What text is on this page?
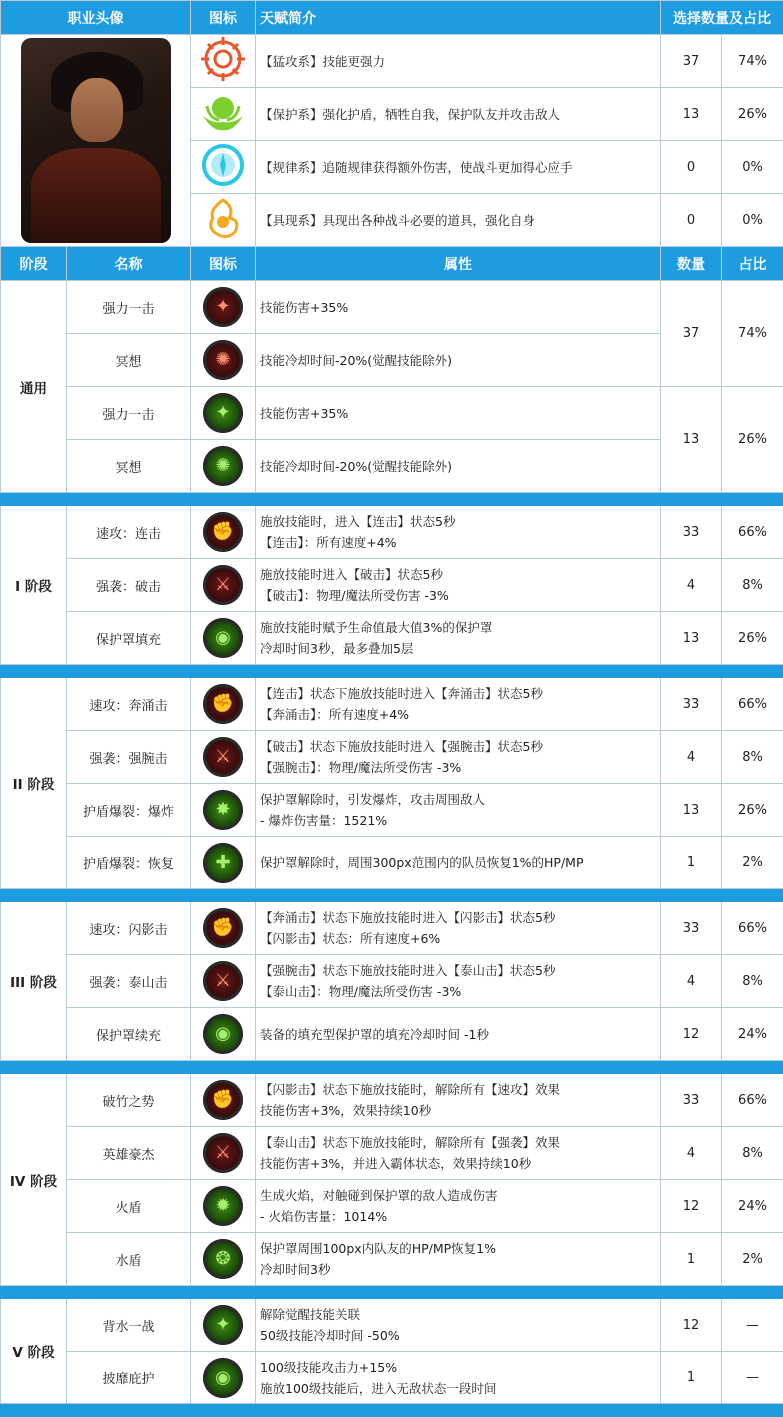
职业头像		图标	天赋简介	选择数量及占比	

		【猛攻系】技能更强力	37	74%
	【保护系】强化护盾，牺牲自我，保护队友并攻击敌人	13	26%
	【规律系】追随规律获得额外伤害，使战斗更加得心应手	0	0%
	【具现系】具现出各种战斗必要的道具，强化自身	0	0%
阶段	名称	图标	属性	数量	占比
通用	强力一击	✦	技能伤害+35%	37	74%
	冥想	✺	技能冷却时间-20%(觉醒技能除外)		

	强力一击	✦	技能伤害+35%	13	26%
	冥想	✺	技能冷却时间-20%(觉醒技能除外)		

I 阶段	速攻：连击	✊	施放技能时，进入【连击】状态5秒
【连击】：所有速度+4%	33	66%
	强袭：破击	⚔	施放技能时进入【破击】状态5秒
【破击】：物理/魔法所受伤害 -3%	4	8%
	保护罩填充	◉	施放技能时赋予生命值最大值3%的保护罩
冷却时间3秒，最多叠加5层	13	26%

II 阶段	速攻：奔涌击	✊	【连击】状态下施放技能时进入【奔涌击】状态5秒
【奔涌击】：所有速度+4%	33	66%
	强袭：强腕击	⚔	【破击】状态下施放技能时进入【强腕击】状态5秒
【强腕击】：物理/魔法所受伤害 -3%	4	8%
	护盾爆裂：爆炸	✸	保护罩解除时，引发爆炸，攻击周围敌人
- 爆炸伤害量：1521%	13	26%
	护盾爆裂：恢复	✚	保护罩解除时，周围300px范围内的队员恢复1%的HP/MP	1	2%

III 阶段	速攻：闪影击	✊	【奔涌击】状态下施放技能时进入【闪影击】状态5秒
【闪影击】状态：所有速度+6%	33	66%
	强袭：泰山击	⚔	【强腕击】状态下施放技能时进入【泰山击】状态5秒
【泰山击】：物理/魔法所受伤害 -3%	4	8%
	保护罩续充	◉	装备的填充型保护罩的填充冷却时间 -1秒	12	24%

IV 阶段	破竹之势	✊	【闪影击】状态下施放技能时，解除所有【速攻】效果
技能伤害+3%，效果持续10秒	33	66%
	英雄豪杰	⚔	【泰山击】状态下施放技能时，解除所有【强袭】效果
技能伤害+3%，并进入霸体状态，效果持续10秒	4	8%
	火盾	✹	生成火焰，对触碰到保护罩的敌人造成伤害
- 火焰伤害量：1014%	12	24%
	水盾	❂	保护罩周围100px内队友的HP/MP恢复1%
冷却时间3秒	1	2%

V 阶段	背水一战	✦	解除觉醒技能关联
50级技能冷却时间 -50%	12	—
	披靡庇护	◉	100级技能攻击力+15%
施放100级技能后，进入无敌状态一段时间	1	—
